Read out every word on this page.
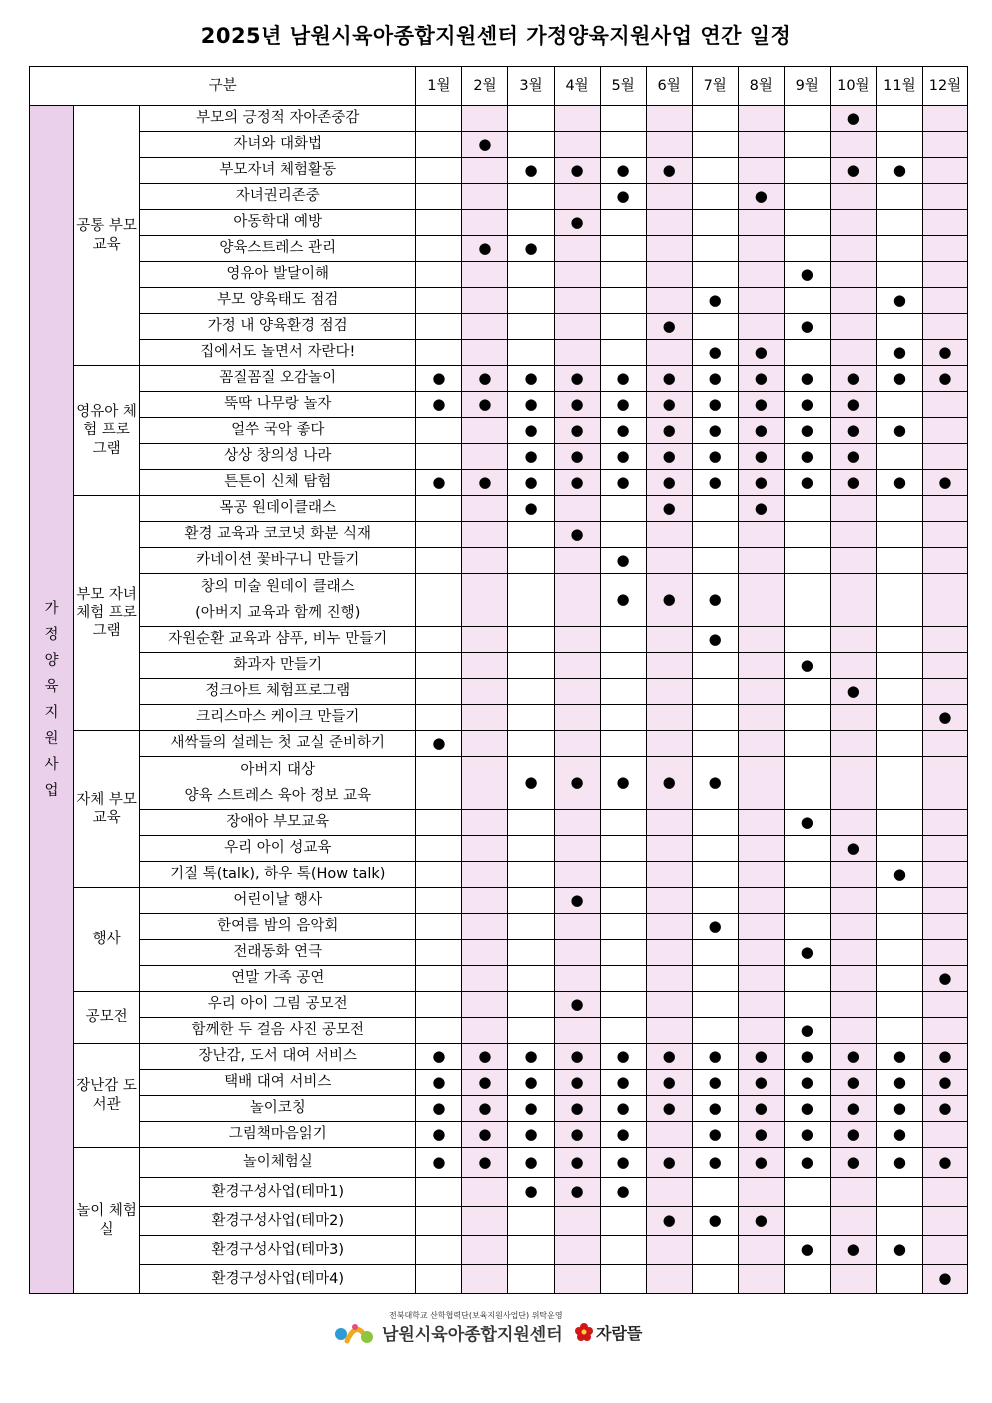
2025년 남원시육아종합지원센터 가정양육지원사업 연간 일정
구분			1월	2월	3월	4월	5월	6월	7월	8월	9월	10월	11월	12월
가정양육지원사업	공통 부모 교육	부모의 긍정적 자아존중감										●		

		자녀와 대화법		●										

		부모자녀 체험활동			●	●	●	●				●	●	

		자녀권리존중					●			●				

		아동학대 예방				●								

		양육스트레스 관리		●	●									

		영유아 발달이해									●			

		부모 양육태도 점검							●				●	

		가정 내 양육환경 점검						●			●			

		집에서도 놀면서 자란다!							●	●			●	●
	영유아 체험 프로 그램	꼼질꼼질 오감놀이	●	●	●	●	●	●	●	●	●	●	●	●

		뚝딱 나무랑 놀자	●	●	●	●	●	●	●	●	●	●		

		얼쑤 국악 좋다			●	●	●	●	●	●	●	●	●	

		상상 창의성 나라			●	●	●	●	●	●	●	●		

		튼튼이 신체 탐험	●	●	●	●	●	●	●	●	●	●	●	●
	부모 자녀 체험 프로 그램	목공 원데이클래스			●			●		●				

		환경 교육과 코코넛 화분 식재				●								

		카네이션 꽃바구니 만들기					●							

		창의 미술 원데이 클래스
(아버지 교육과 함께 진행)					●	●	●					

		자원순환 교육과 샴푸, 비누 만들기							●					

		화과자 만들기									●			

		정크아트 체험프로그램										●		

		크리스마스 케이크 만들기												●
	자체 부모 교육	새싹들의 설레는 첫 교실 준비하기	●											

		아버지 대상
양육 스트레스 육아 정보 교육			●	●	●	●	●					

		장애아 부모교육									●			

		우리 아이 성교육										●		

		기질 톡(talk), 하우 톡(How talk)											●	
	행사	어린이날 행사				●								

		한여름 밤의 음악회							●					

		전래동화 연극									●			

		연말 가족 공연												●
	공모전	우리 아이 그림 공모전				●								

		함께한 두 걸음 사진 공모전									●			
	장난감 도서관	장난감, 도서 대여 서비스	●	●	●	●	●	●	●	●	●	●	●	●

		택배 대여 서비스	●	●	●	●	●	●	●	●	●	●	●	●

		놀이코칭	●	●	●	●	●	●	●	●	●	●	●	●

		그림책마음읽기	●	●	●	●	●		●	●	●	●	●	
	놀이 체험실	놀이체험실	●	●	●	●	●	●	●	●	●	●	●	●

		환경구성사업(테마1)			●	●	●							

		환경구성사업(테마2)						●	●	●				

		환경구성사업(테마3)									●	●	●	

		환경구성사업(테마4)												●
전북대학교 산학협력단(보육지원사업단) 위탁운영
남원시육아종합지원센터 자람뜰
